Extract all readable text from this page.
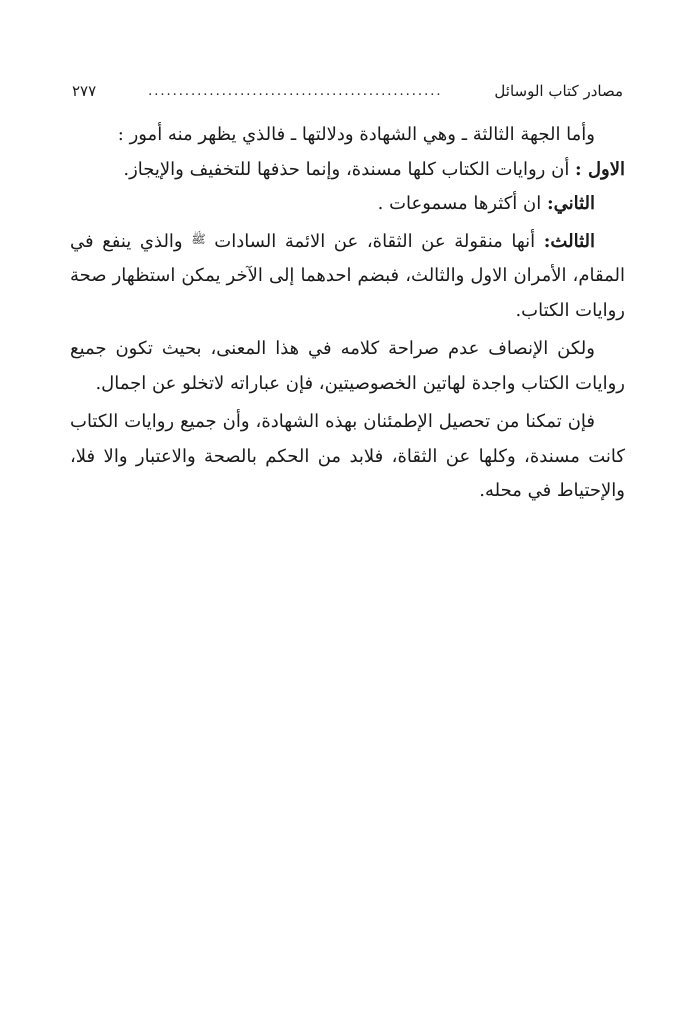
مصادر كتاب الوسائل
................................................
٢٧٧

وأما الجهة الثالثة ـ وهي الشهادة ودلالتها ـ فالذي يظهر منه أمور :

الاول : أن روايات الكتاب كلها مسندة، وإنما حذفها للتخفيف والإيجاز.

الثاني: ان أكثرها مسموعات .

الثالث: أنها منقولة عن الثقاة، عن الائمة السادات $^ﷺ$ والذي ينفع في المقام، الأمران الاول والثالث، فبضم احدهما إلى الآخر يمكن استظهار صحة روايات الكتاب.

ولكن الإنصاف عدم صراحة كلامه في هذا المعنى، بحيث تكون جميع روايات الكتاب واجدة لهاتين الخصوصيتين، فإن عباراته لاتخلو عن اجمال.

فإن تمكنا من تحصيل الإطمئنان بهذه الشهادة، وأن جميع روايات الكتاب كانت مسندة، وكلها عن الثقاة، فلابد من الحكم بالصحة والاعتبار والا فلا، والإحتياط في محله.
